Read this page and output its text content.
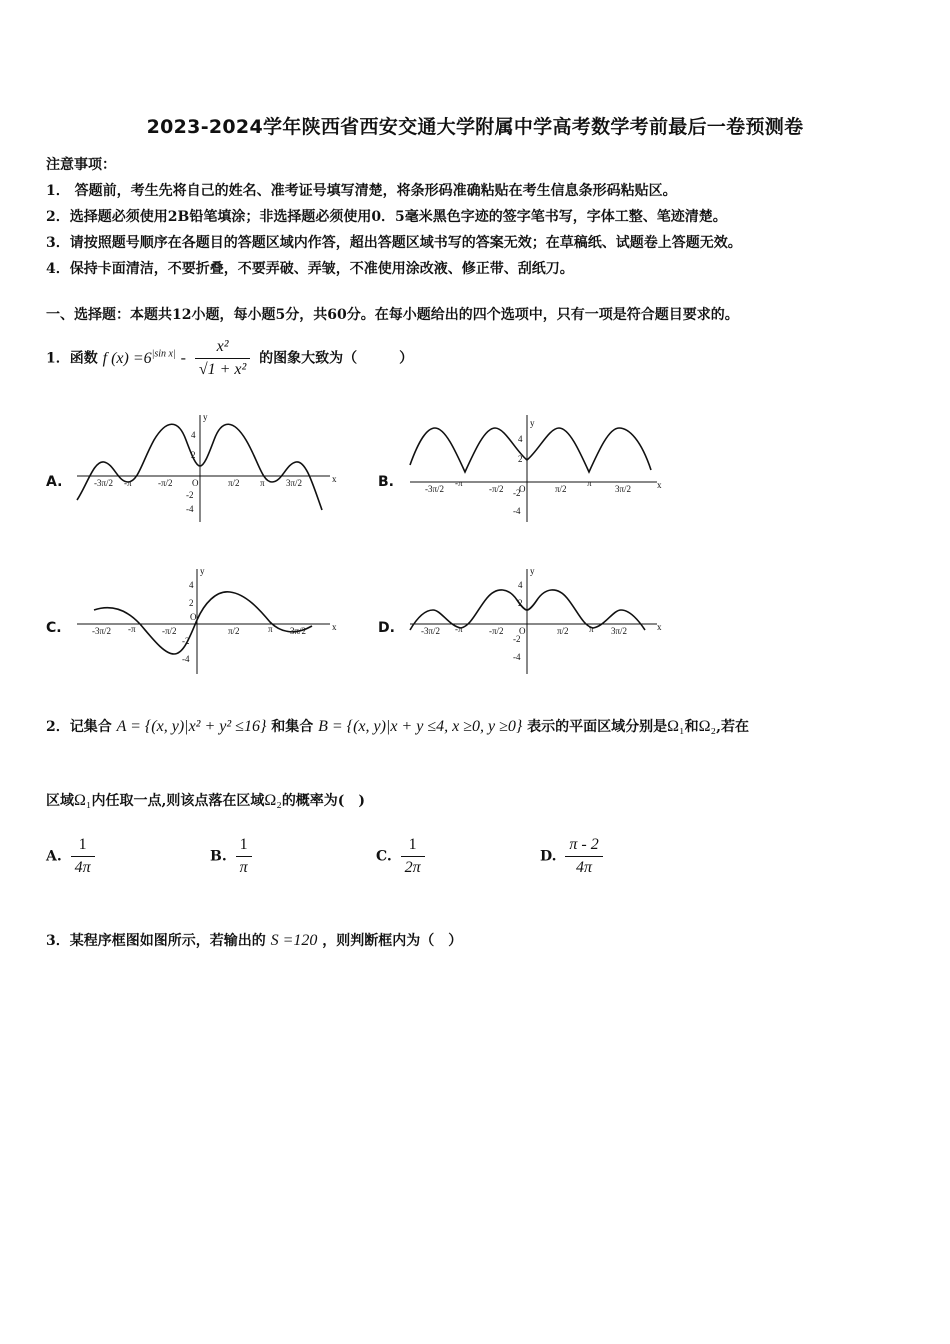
2023-2024学年陕西省西安交通大学附属中学高考数学考前最后一卷预测卷
注意事项：
1． 答题前，考生先将自己的姓名、准考证号填写清楚，将条形码准确粘贴在考生信息条形码粘贴区。
2．选择题必须使用2B铅笔填涂；非选择题必须使用0．5毫米黑色字迹的签字笔书写，字体工整、笔迹清楚。
3．请按照题号顺序在各题目的答题区域内作答，超出答题区域书写的答案无效；在草稿纸、试题卷上答题无效。
4．保持卡面清洁，不要折叠，不要弄破、弄皱，不准使用涂改液、修正带、刮纸刀。
一、选择题：本题共12小题，每小题5分，共60分。在每小题给出的四个选项中，只有一项是符合题目要求的。
1．函数 f $(x) =6^{|sin x|} - \frac{\text{x²}}{\text{√1 + x²}}$ 的图象大致为（　　　）
A.	B.
C.	D.
x
y
4
2
-2
-4
O
-3π/2 -π	-π/2	π/2 π 3π/2	x
y
4
2
-2
-4
O
-3π/2
-π
-π/2	π/2
π
3π/2
x
y
4
2
-2
-4
O
-3π/2 -π	-π/2	π/2	π 3π/2	x
y
4
2
-2
-4
O
-3π/2 -π	-π/2	π/2 π 3π/2
2．记集合 A = {(x, y)|x² + y² ≤16} 和集合 B = {(x, y)|x + y ≤4, x ≥0, y ≥0} 表示的平面区域分别是Ω₁和Ω₂,若在
区域Ω₁内任取一点,则该点落在区域Ω₂的概率为(　)
A. $\frac{1}{4\pi}$	B. $\frac{1}{\pi}$	C. $\frac{1}{2\pi}$	D. $\frac{\pi - 2}{4\pi}$
3．某程序框图如图所示，若输出的 S =120 ，则判断框内为（　）
